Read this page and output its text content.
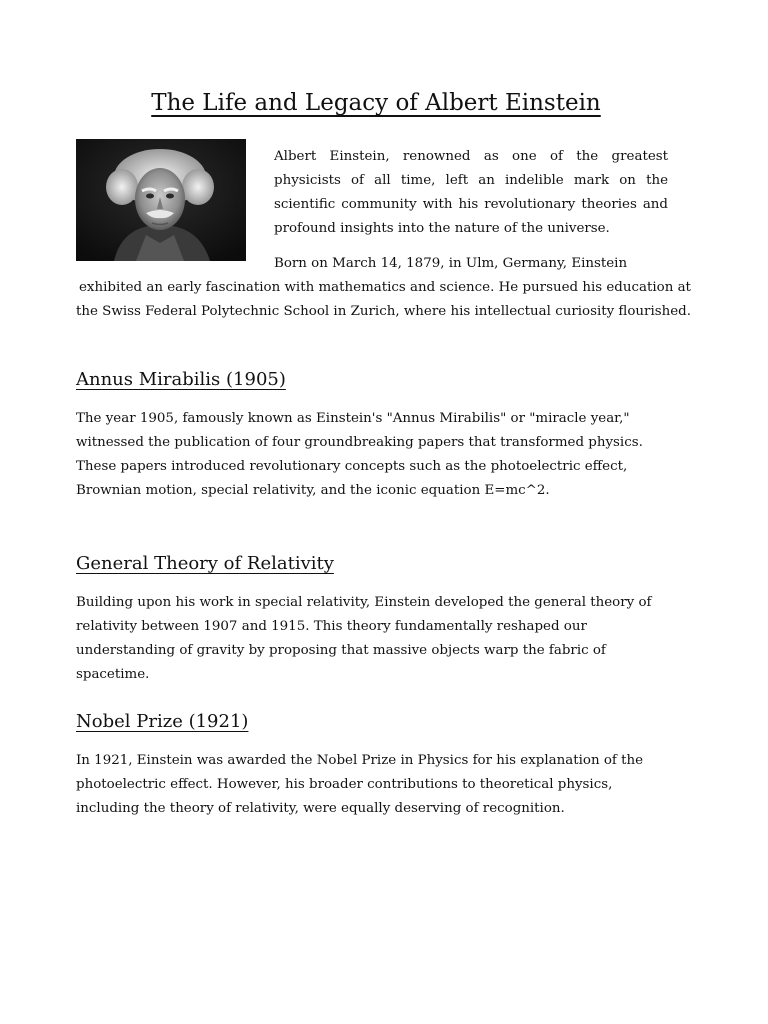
The Life and Legacy of Albert Einstein

Albert Einstein, renowned as one of the greatest physicists of all time, left an indelible mark on the scientific community with his revolutionary theories and profound insights into the nature of the universe.

Born on March 14, 1879, in Ulm, Germany, Einstein

exhibited an early fascination with mathematics and science. He pursued his education at
the Swiss Federal Polytechnic School in Zurich, where his intellectual curiosity flourished.

Annus Mirabilis (1905)

The year 1905, famously known as Einstein's "Annus Mirabilis" or "miracle year," witnessed the publication of four groundbreaking papers that transformed physics. These papers introduced revolutionary concepts such as the photoelectric effect, Brownian motion, special relativity, and the iconic equation E=mc^2.

General Theory of Relativity

Building upon his work in special relativity, Einstein developed the general theory of relativity between 1907 and 1915. This theory fundamentally reshaped our understanding of gravity by proposing that massive objects warp the fabric of spacetime.

Nobel Prize (1921)

In 1921, Einstein was awarded the Nobel Prize in Physics for his explanation of the photoelectric effect. However, his broader contributions to theoretical physics, including the theory of relativity, were equally deserving of recognition.
